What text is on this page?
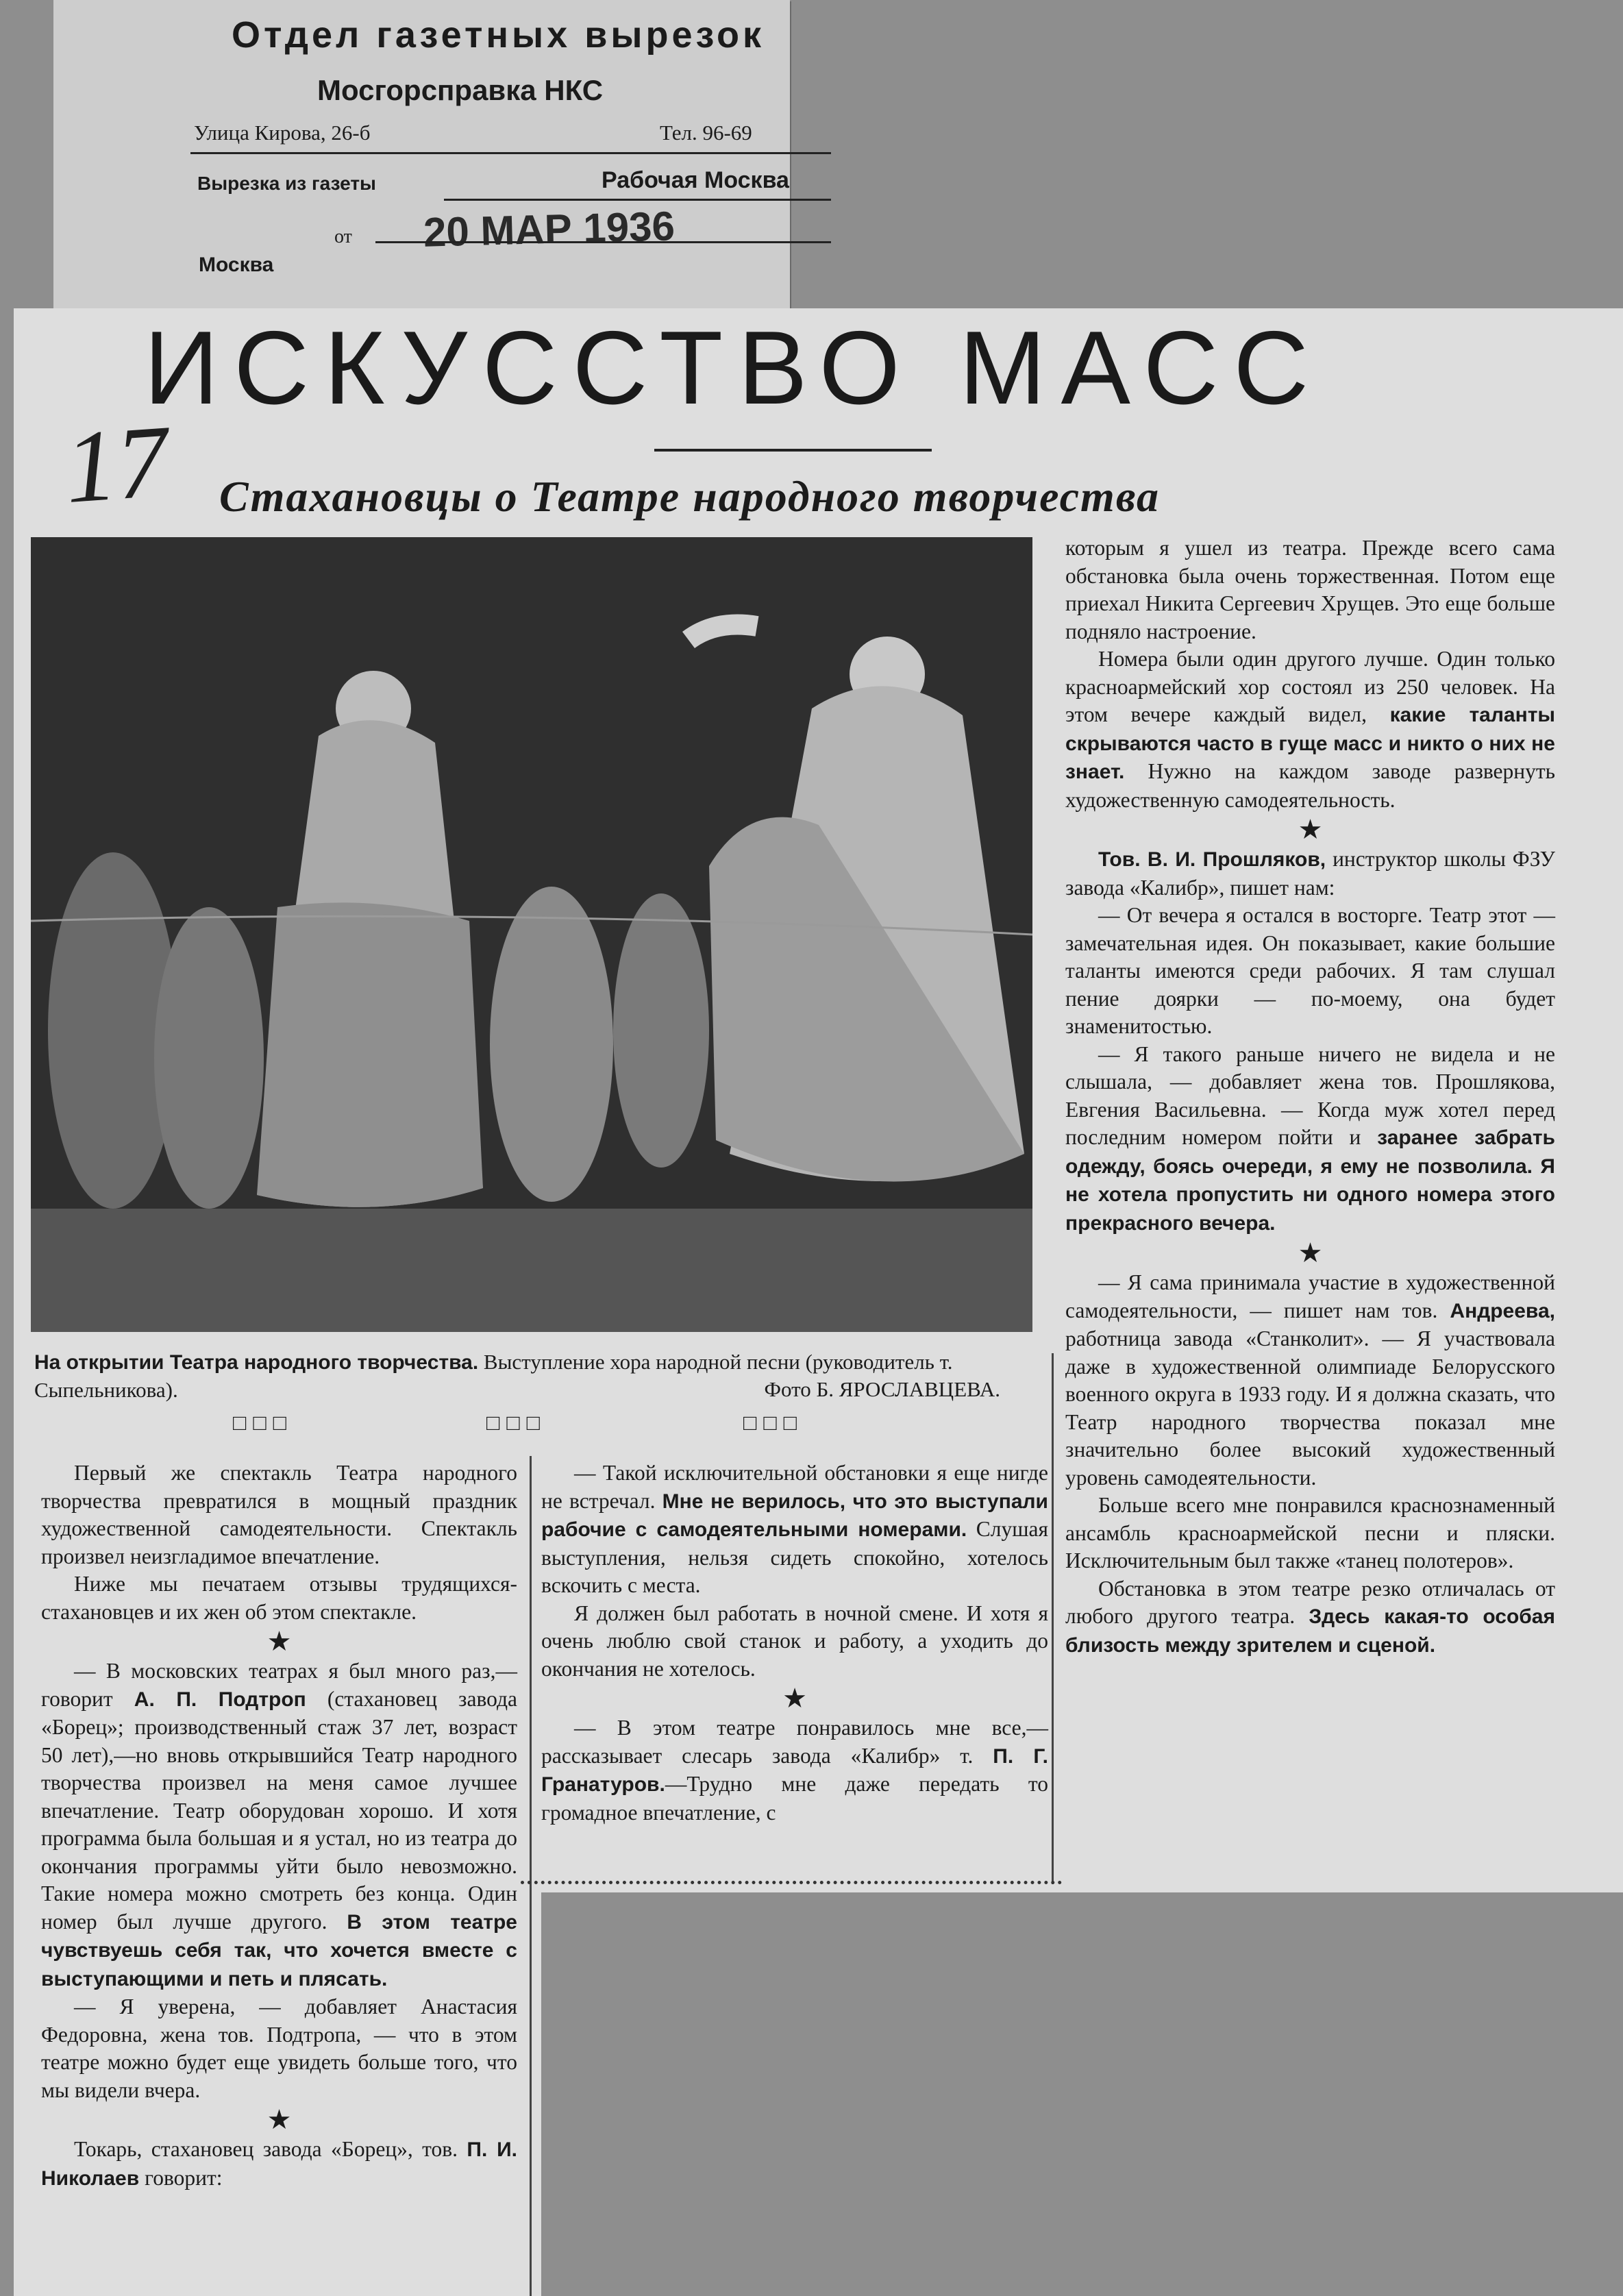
Отдел газетных вырезок
Мосгорсправка НКС
Улица Кирова, 26-б	Тел. 96-69
Вырезка из газеты	Рабочая Москва
от 20 МАР 1936
Москва
ИСКУССТВО МАСС
17 Стахановцы о Театре народного творчества
На открытии Театра народного творчества. Выступление хора народной песни (руководитель т. Сыпельникова).	Фото Б. ЯРОСЛАВЦЕВА.
□□□	□□□	□□□

Первый же спектакль Театра народного творчества превратился в мощный праздник художественной самодеятельности. Спектакль произвел неизгладимое впечатление.

Ниже мы печатаем отзывы трудящихся-стахановцев и их жен об этом спектакле.

★

— В московских театрах я был много раз,—говорит А. П. Подтроп (стахановец завода «Борец»; производственный стаж 37 лет, возраст 50 лет),—но вновь открывшийся Театр народного творчества произвел на меня самое лучшее впечатление. Театр оборудован хорошо. И хотя программа была большая и я устал, но из театра до окончания программы уйти было невозможно. Такие номера можно смотреть без конца. Один номер был лучше другого. В этом театре чувствуешь себя так, что хочется вместе с выступающими и петь и плясать.

— Я уверена, — добавляет Анастасия Федоровна, жена тов. Подтропа, — что в этом театре можно будет еще увидеть больше того, что мы видели вчера.

★

Токарь, стахановец завода «Борец», тов. П. И. Николаев говорит:

— Такой исключительной обстановки я еще нигде не встречал. Мне не верилось, что это выступали рабочие с самодеятельными номерами. Слушая выступления, нельзя сидеть спокойно, хотелось вскочить с места.

Я должен был работать в ночной смене. И хотя я очень люблю свой станок и работу, а уходить до окончания не хотелось.

★

— В этом театре понравилось мне все,—рассказывает слесарь завода «Калибр» т. П. Г. Гранатуров.—Трудно мне даже передать то громадное впечатление, с

которым я ушел из театра. Прежде всего сама обстановка была очень торжественная. Потом еще приехал Никита Сергеевич Хрущев. Это еще больше подняло настроение.

Номера были один другого лучше. Один только красноармейский хор состоял из 250 человек. На этом вечере каждый видел, какие таланты скрываются часто в гуще масс и никто о них не знает. Нужно на каждом заводе развернуть художественную самодеятельность.

★

Тов. В. И. Прошляков, инструктор школы ФЗУ завода «Калибр», пишет нам:

— От вечера я остался в восторге. Театр этот — замечательная идея. Он показывает, какие большие таланты имеются среди рабочих. Я там слушал пение доярки — по-моему, она будет знаменитостью.

— Я такого раньше ничего не видела и не слышала, — добавляет жена тов. Прошлякова, Евгения Васильевна. — Когда муж хотел перед последним номером пойти и заранее забрать одежду, боясь очереди, я ему не позволила. Я не хотела пропустить ни одного номера этого прекрасного вечера.

★

— Я сама принимала участие в художественной самодеятельности, — пишет нам тов. Андреева, работница завода «Станколит». — Я участвовала даже в художественной олимпиаде Белорусского военного округа в 1933 году. И я должна сказать, что Театр народного творчества показал мне значительно более высокий художественный уровень самодеятельности.

Больше всего мне понравился краснознаменный ансамбль красноармейской песни и пляски. Исключительным был также «танец полотеров».

Обстановка в этом театре резко отличалась от любого другого театра. Здесь какая-то особая близость между зрителем и сценой.
